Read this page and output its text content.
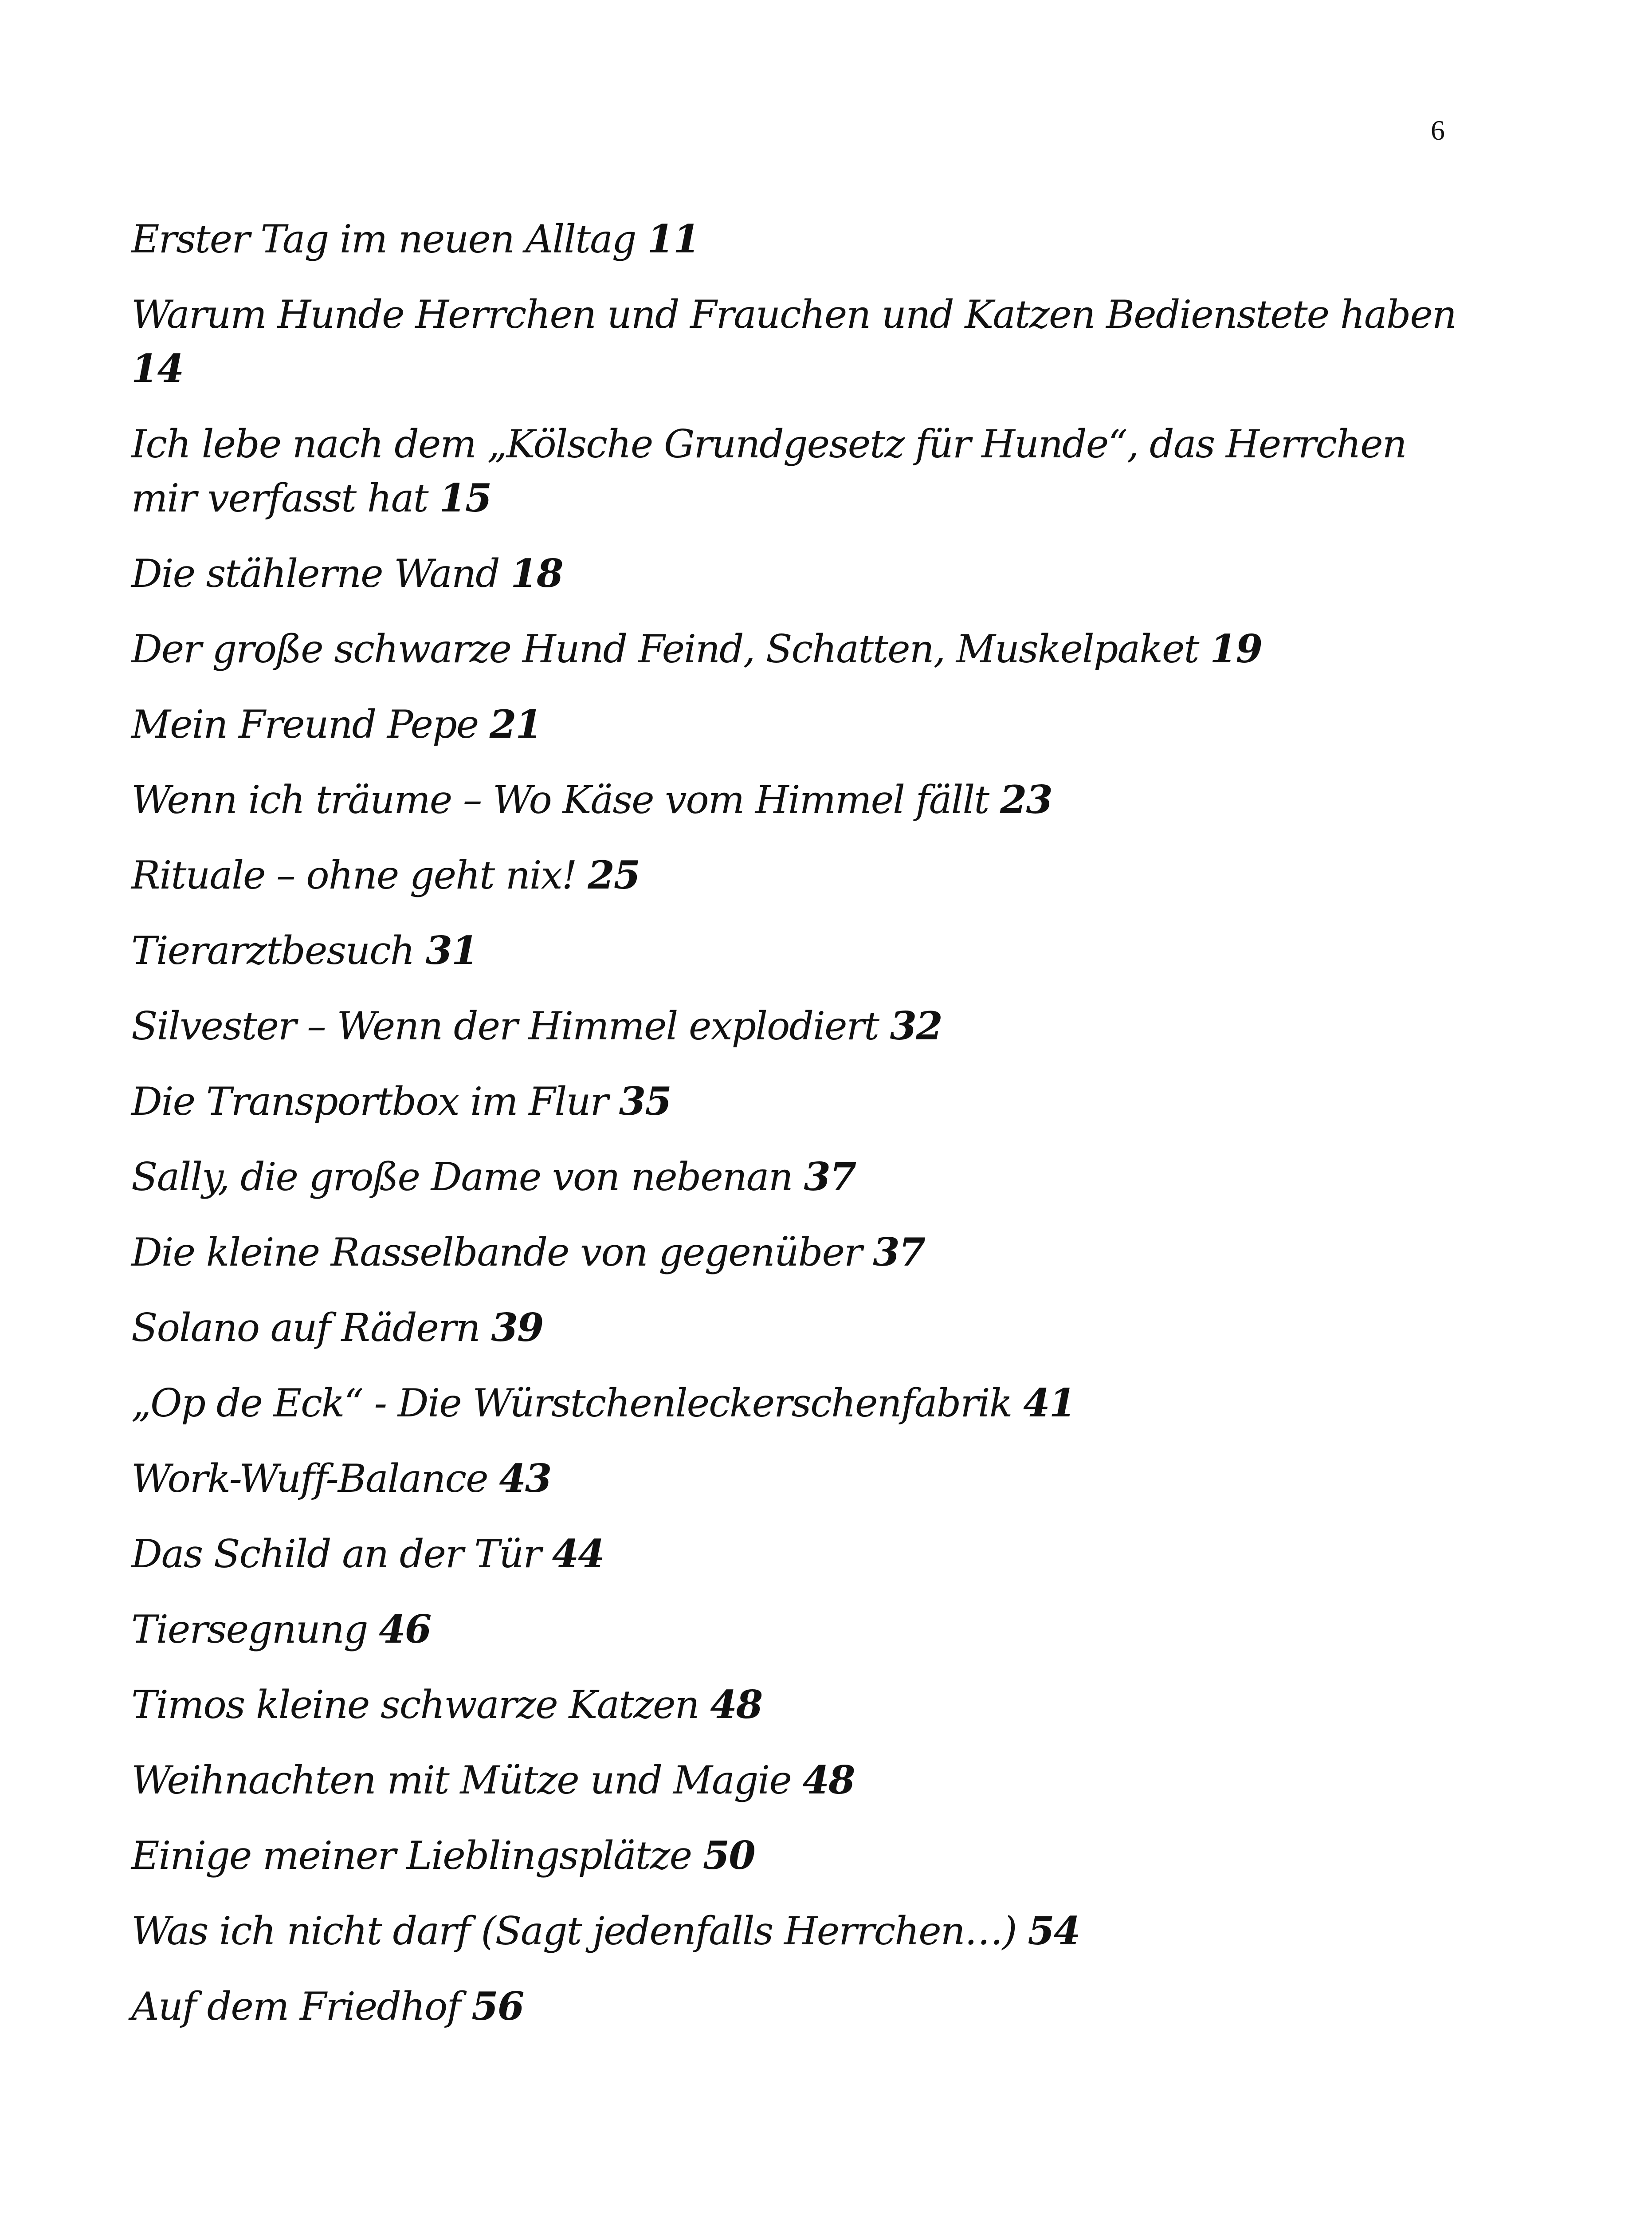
6
Erster Tag im neuen Alltag 11
Warum Hunde Herrchen und Frauchen und Katzen Bedienstete haben 14
Ich lebe nach dem „Kölsche Grundgesetz für Hunde“, das Herrchen mir verfasst hat 15
Die stählerne Wand 18
Der große schwarze Hund Feind, Schatten, Muskelpaket 19
Mein Freund Pepe 21
Wenn ich träume – Wo Käse vom Himmel fällt 23
Rituale – ohne geht nix! 25
Tierarztbesuch 31
Silvester – Wenn der Himmel explodiert 32
Die Transportbox im Flur 35
Sally, die große Dame von nebenan 37
Die kleine Rasselbande von gegenüber 37
Solano auf Rädern 39
„Op de Eck“ - Die Würstchenleckerschenfabrik 41
Work-Wuff-Balance 43
Das Schild an der Tür 44
Tiersegnung 46
Timos kleine schwarze Katzen 48
Weihnachten mit Mütze und Magie 48
Einige meiner Lieblingsplätze 50
Was ich nicht darf (Sagt jedenfalls Herrchen…) 54
Auf dem Friedhof 56
